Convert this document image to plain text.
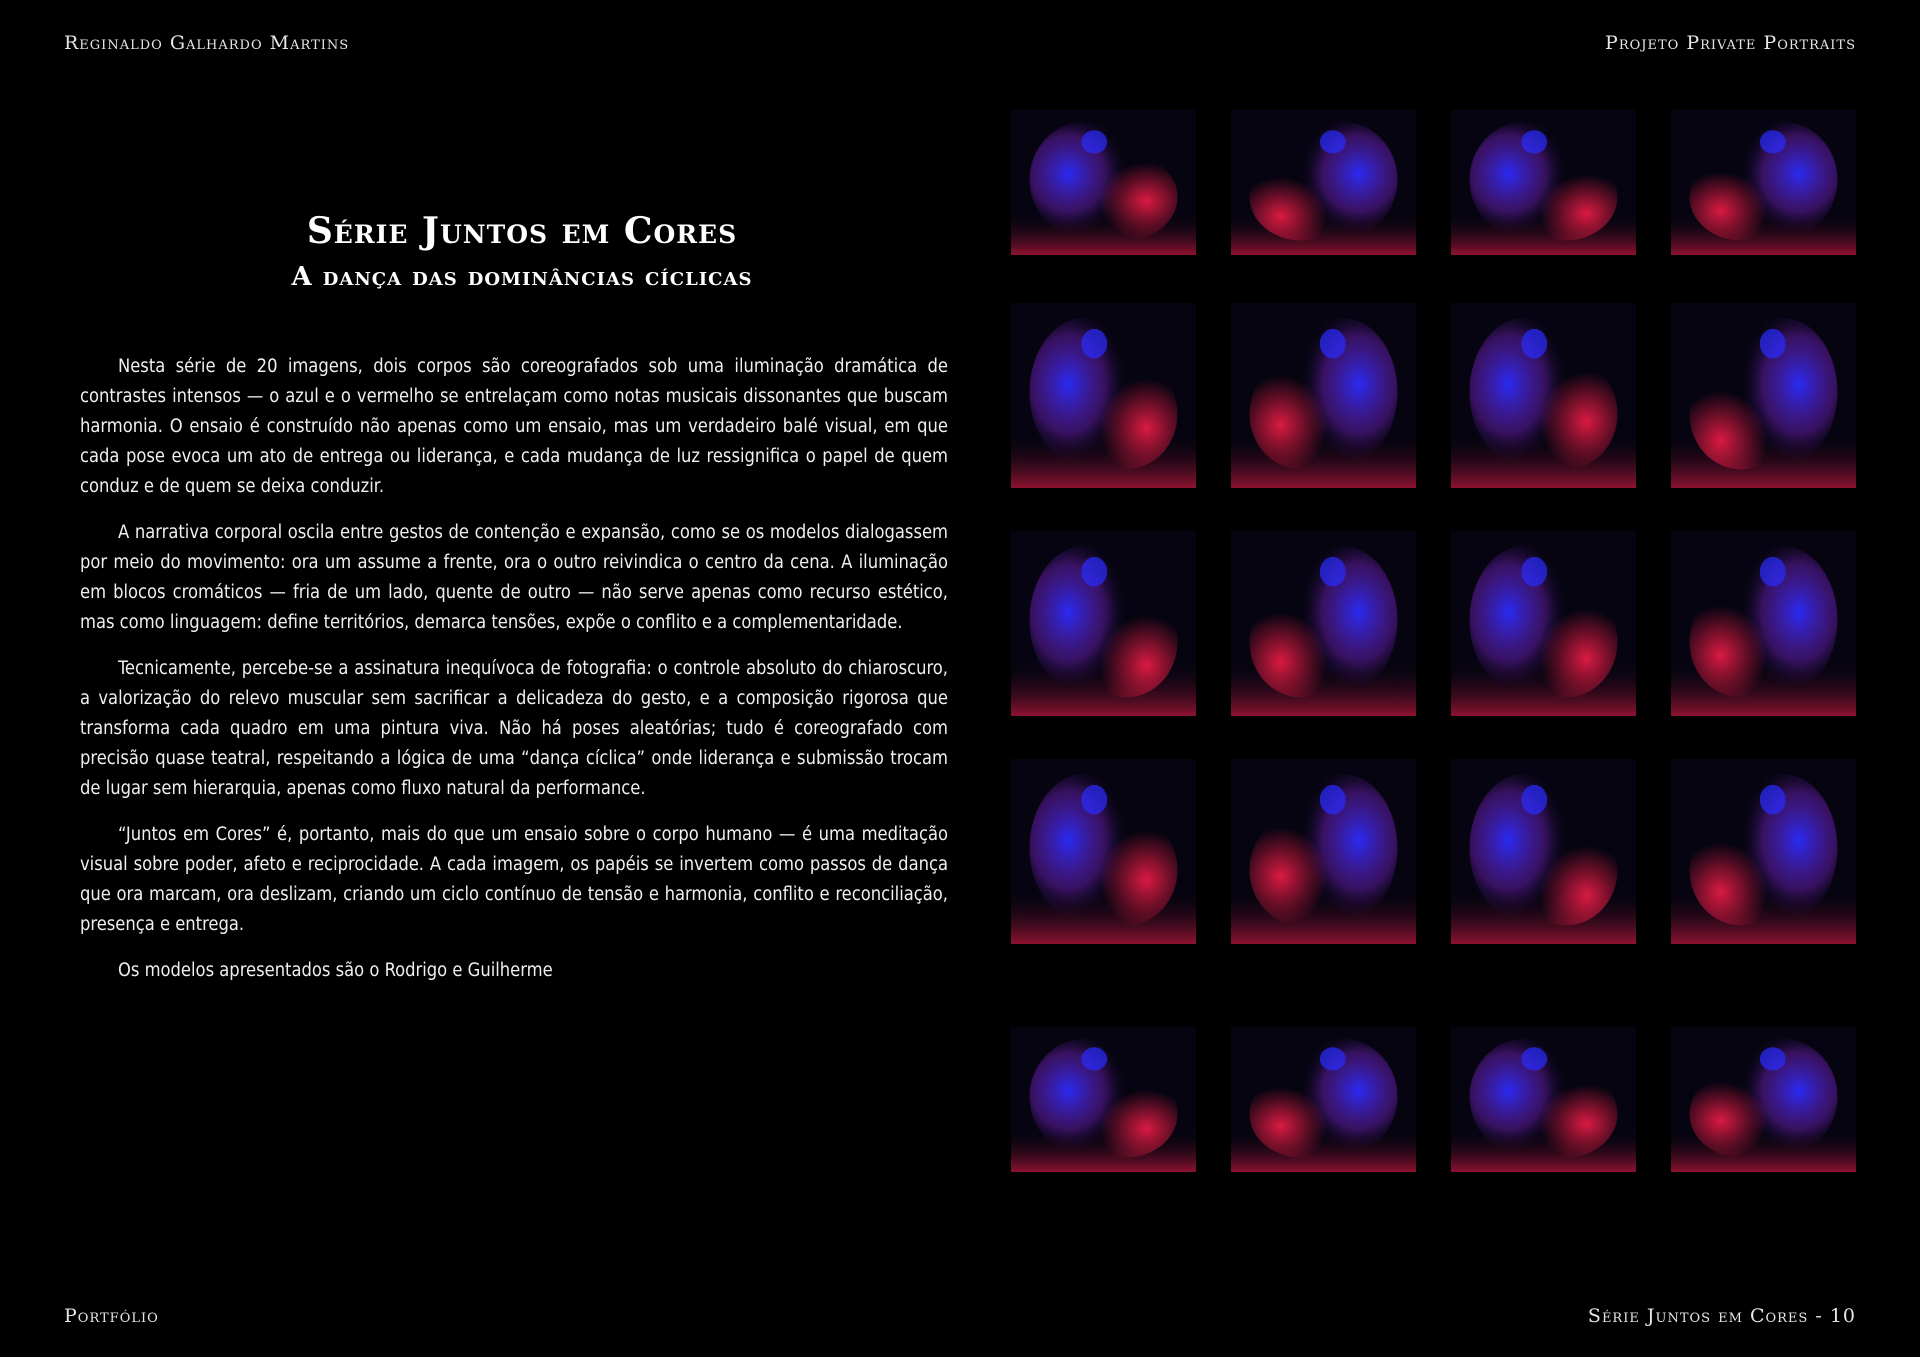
Reginaldo Galhardo Martins	Projeto Private Portraits
Série Juntos em Cores
A dança das dominâncias cíclicas

Nesta série de 20 imagens, dois corpos são coreografados sob uma iluminação dramática de contrastes intensos — o azul e o vermelho se entrelaçam como notas musicais dissonantes que buscam harmonia. O ensaio é construído não apenas como um ensaio, mas um verdadeiro balé visual, em que cada pose evoca um ato de entrega ou liderança, e cada mudança de luz ressignifica o papel de quem conduz e de quem se deixa conduzir.

A narrativa corporal oscila entre gestos de contenção e expansão, como se os modelos dialogassem por meio do movimento: ora um assume a frente, ora o outro reivindica o centro da cena. A iluminação em blocos cromáticos — fria de um lado, quente de outro — não serve apenas como recurso estético, mas como linguagem: define territórios, demarca tensões, expõe o conflito e a complementaridade.

Tecnicamente, percebe-se a assinatura inequívoca de fotografia: o controle absoluto do chiaroscuro, a valorização do relevo muscular sem sacrificar a delicadeza do gesto, e a composição rigorosa que transforma cada quadro em uma pintura viva. Não há poses aleatórias; tudo é coreografado com precisão quase teatral, respeitando a lógica de uma “dança cíclica” onde liderança e submissão trocam de lugar sem hierarquia, apenas como fluxo natural da performance.

“Juntos em Cores” é, portanto, mais do que um ensaio sobre o corpo humano — é uma meditação visual sobre poder, afeto e reciprocidade. A cada imagem, os papéis se invertem como passos de dança que ora marcam, ora deslizam, criando um ciclo contínuo de tensão e harmonia, conflito e reconciliação, presença e entrega.

Os modelos apresentados são o Rodrigo e Guilherme

Portfólio	Série Juntos em Cores - 10
